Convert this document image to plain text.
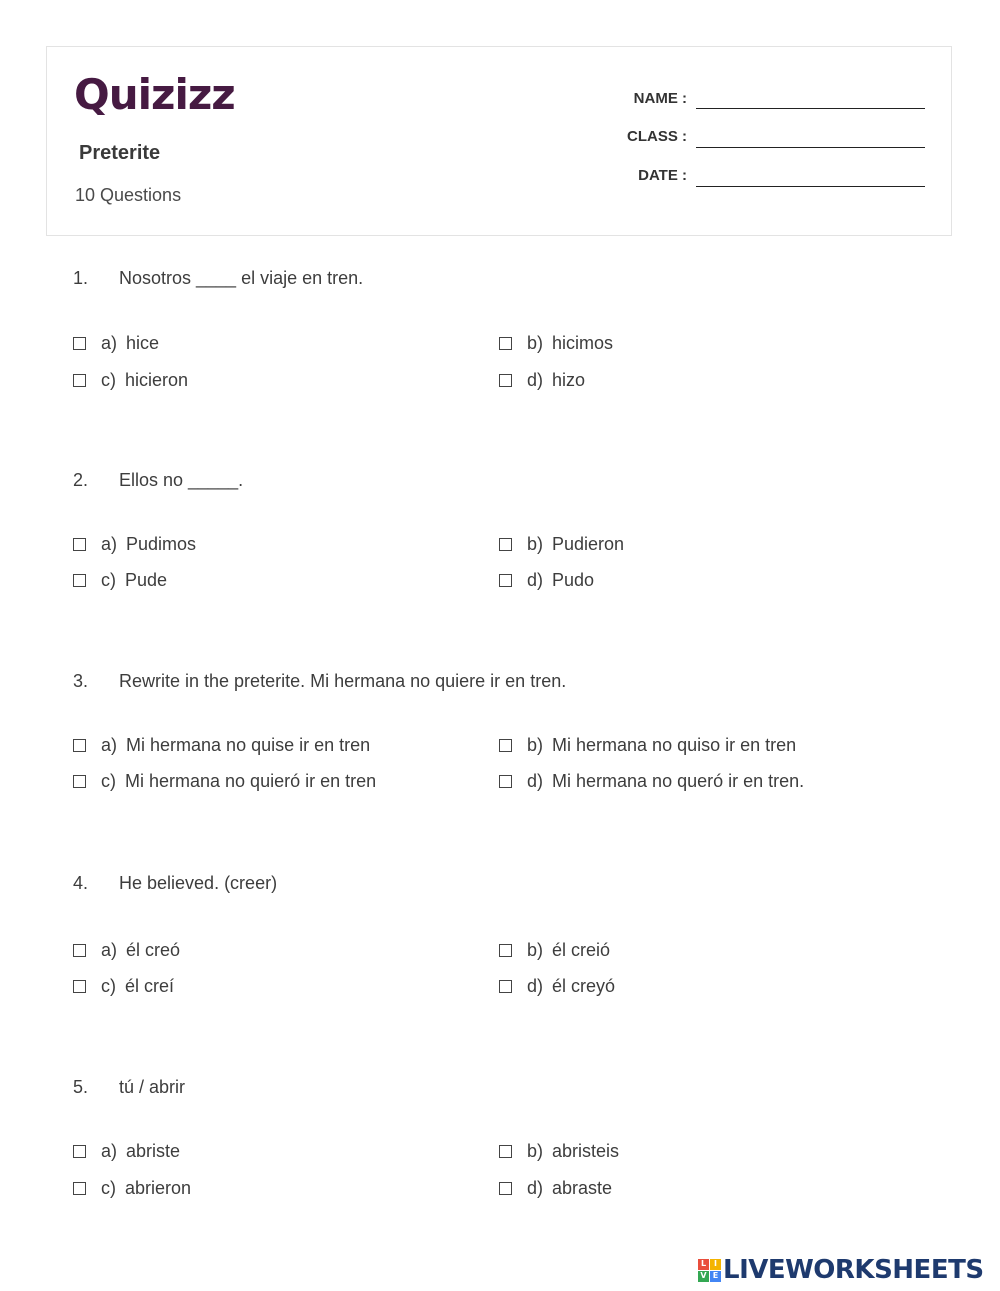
Quizizz
Preterite
10 Questions
NAME :
CLASS :
DATE :
1. Nosotros ____ el viaje en tren.
a) hice	b) hicimos
c) hicieron	d) hizo
2. Ellos no _____.
a) Pudimos	b) Pudieron
c) Pude	d) Pudo
3. Rewrite in the preterite. Mi hermana no quiere ir en tren.
a) Mi hermana no quise ir en tren	b) Mi hermana no quiso ir en tren
c) Mi hermana no quieró ir en tren	d) Mi hermana no queró ir en tren.
4. He believed. (creer)
a) él creó	b) él creió
c) él creí	d) él creyó
5. tú / abrir
a) abriste	b) abristeis
c) abrieron	d) abraste
L I
V E LIVEWORKSHEETS
